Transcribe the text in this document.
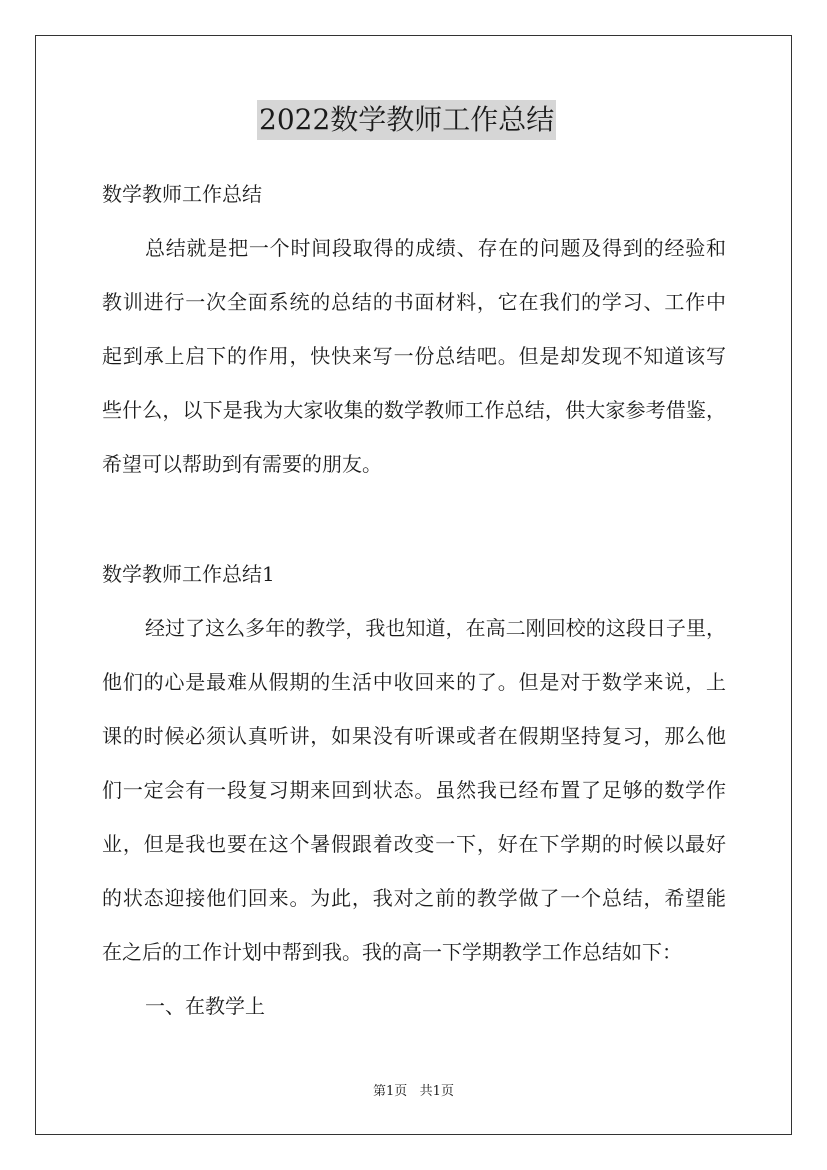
2022数学教师工作总结
数学教师工作总结
总结就是把一个时间段取得的成绩、存在的问题及得到的经验和
教训进行一次全面系统的总结的书面材料，它在我们的学习、工作中
起到承上启下的作用，快快来写一份总结吧。但是却发现不知道该写
些什么，以下是我为大家收集的数学教师工作总结，供大家参考借鉴，
希望可以帮助到有需要的朋友。
数学教师工作总结1
经过了这么多年的教学，我也知道，在高二刚回校的这段日子里，
他们的心是最难从假期的生活中收回来的了。但是对于数学来说，上
课的时候必须认真听讲，如果没有听课或者在假期坚持复习，那么他
们一定会有一段复习期来回到状态。虽然我已经布置了足够的数学作
业，但是我也要在这个暑假跟着改变一下，好在下学期的时候以最好
的状态迎接他们回来。为此，我对之前的教学做了一个总结，希望能
在之后的工作计划中帮到我。我的高一下学期教学工作总结如下：
一、在教学上
第1页   共1页
